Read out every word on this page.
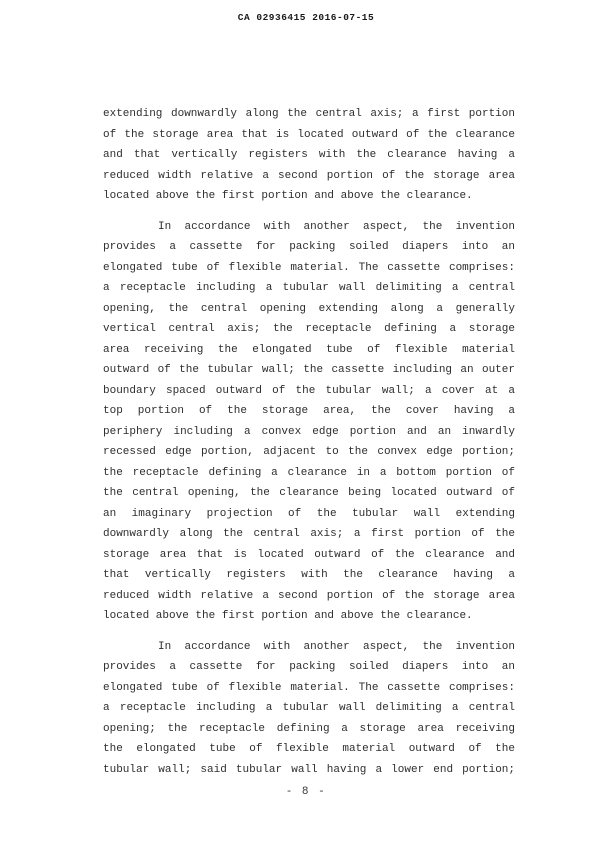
CA 02936415 2016-07-15
extending downwardly along the central axis; a first portion
of the storage area that is located outward of the clearance
and that vertically registers with the clearance having a
reduced width relative a second portion of the storage area
located above the first portion and above the clearance.
In accordance with another aspect, the invention
provides a cassette for packing soiled diapers into an
elongated tube of flexible material. The cassette comprises:
a receptacle including a tubular wall delimiting a central
opening, the central opening extending along a generally
vertical central axis; the receptacle defining a storage
area receiving the elongated tube of flexible material
outward of the tubular wall; the cassette including an outer
boundary spaced outward of the tubular wall; a cover at a
top portion of the storage area, the cover having a
periphery including a convex edge portion and an inwardly
recessed edge portion, adjacent to the convex edge portion;
the receptacle defining a clearance in a bottom portion of
the central opening, the clearance being located outward of
an imaginary projection of the tubular wall extending
downwardly along the central axis; a first portion of the
storage area that is located outward of the clearance and
that vertically registers with the clearance having a
reduced width relative a second portion of the storage area
located above the first portion and above the clearance.
In accordance with another aspect, the invention
provides a cassette for packing soiled diapers into an
elongated tube of flexible material. The cassette comprises:
a receptacle including a tubular wall delimiting a central
opening; the receptacle defining a storage area receiving
the elongated tube of flexible material outward of the
tubular wall; said tubular wall having a lower end portion;
- 8 -
